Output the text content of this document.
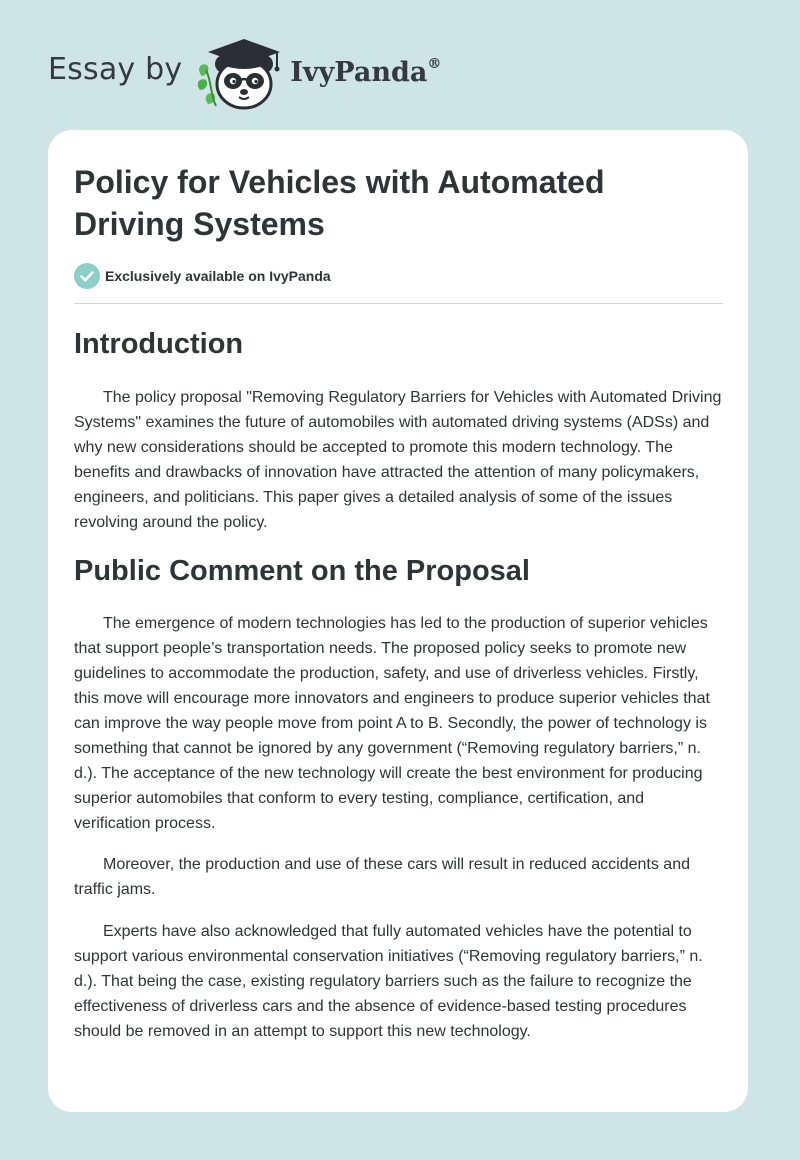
Essay by	IvyPanda®
Policy for Vehicles with Automated Driving Systems
Exclusively available on IvyPanda
Introduction

The policy proposal "Removing Regulatory Barriers for Vehicles with Automated Driving Systems" examines the future of automobiles with automated driving systems (ADSs) and why new considerations should be accepted to promote this modern technology. The benefits and drawbacks of innovation have attracted the attention of many policymakers, engineers, and politicians. This paper gives a detailed analysis of some of the issues revolving around the policy.

Public Comment on the Proposal

The emergence of modern technologies has led to the production of superior vehicles that support people’s transportation needs. The proposed policy seeks to promote new guidelines to accommodate the production, safety, and use of driverless vehicles. Firstly, this move will encourage more innovators and engineers to produce superior vehicles that can improve the way people move from point A to B. Secondly, the power of technology is something that cannot be ignored by any government (“Removing regulatory barriers,” n. d.). The acceptance of the new technology will create the best environment for producing superior automobiles that conform to every testing, compliance, certification, and verification process.

Moreover, the production and use of these cars will result in reduced accidents and traffic jams.

Experts have also acknowledged that fully automated vehicles have the potential to support various environmental conservation initiatives (“Removing regulatory barriers,” n. d.). That being the case, existing regulatory barriers such as the failure to recognize the effectiveness of driverless cars and the absence of evidence-based testing procedures should be removed in an attempt to support this new technology.
